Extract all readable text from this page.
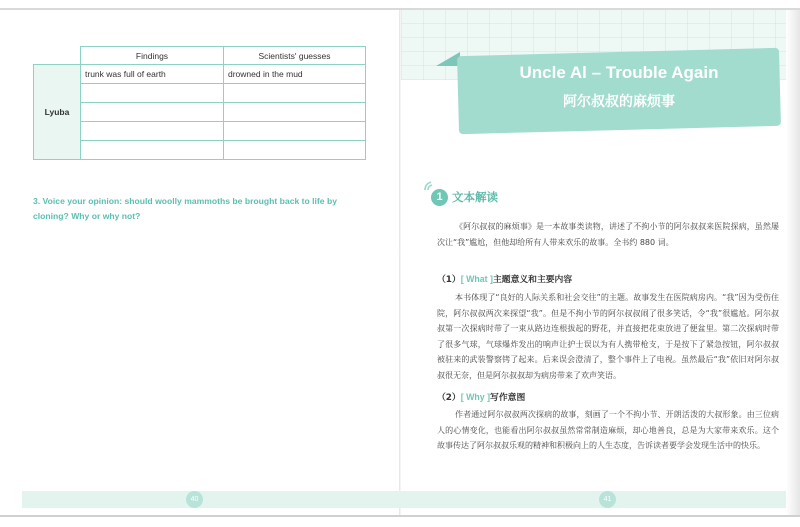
	Findings	Scientists' guesses
Lyuba	trunk was full of earth	drowned in the mud

3. Voice your opinion: should woolly mammoths be brought back to life by cloning? Why or why not?

Uncle Al – Trouble Again
阿尔叔叔的麻烦事
1 文本解读

《阿尔叔叔的麻烦事》是一本故事类读物，讲述了不拘小节的阿尔叔叔来医院探病，虽然屡次让“我”尴尬，但他却给所有人带来欢乐的故事。全书约 880 词。

（1）[ What ]主题意义和主要内容

本书体现了“良好的人际关系和社会交往”的主题。故事发生在医院病房内。“我”因为受伤住院，阿尔叔叔两次来探望“我”。但是不拘小节的阿尔叔叔闹了很多笑话，令“我”很尴尬。阿尔叔叔第一次探病时带了一束从路边连根拔起的野花，并直接把花束放进了便盆里。第二次探病时带了很多气球，气球爆炸发出的响声让护士误以为有人携带枪支，于是按下了紧急按钮，阿尔叔叔被驻来的武装警察铐了起来。后来误会澄清了，整个事件上了电视。虽然最后“我”依旧对阿尔叔叔很无奈，但是阿尔叔叔却为病房带来了欢声笑语。

（2）[ Why ]写作意图

作者通过阿尔叔叔两次探病的故事，刻画了一个不拘小节、开朗活泼的大叔形象。由三位病人的心情变化，也能看出阿尔叔叔虽然常常制造麻烦，却心地善良，总是为大家带来欢乐。这个故事传达了阿尔叔叔乐观的精神和积极向上的人生态度，告诉读者要学会发现生活中的快乐。

40	41
